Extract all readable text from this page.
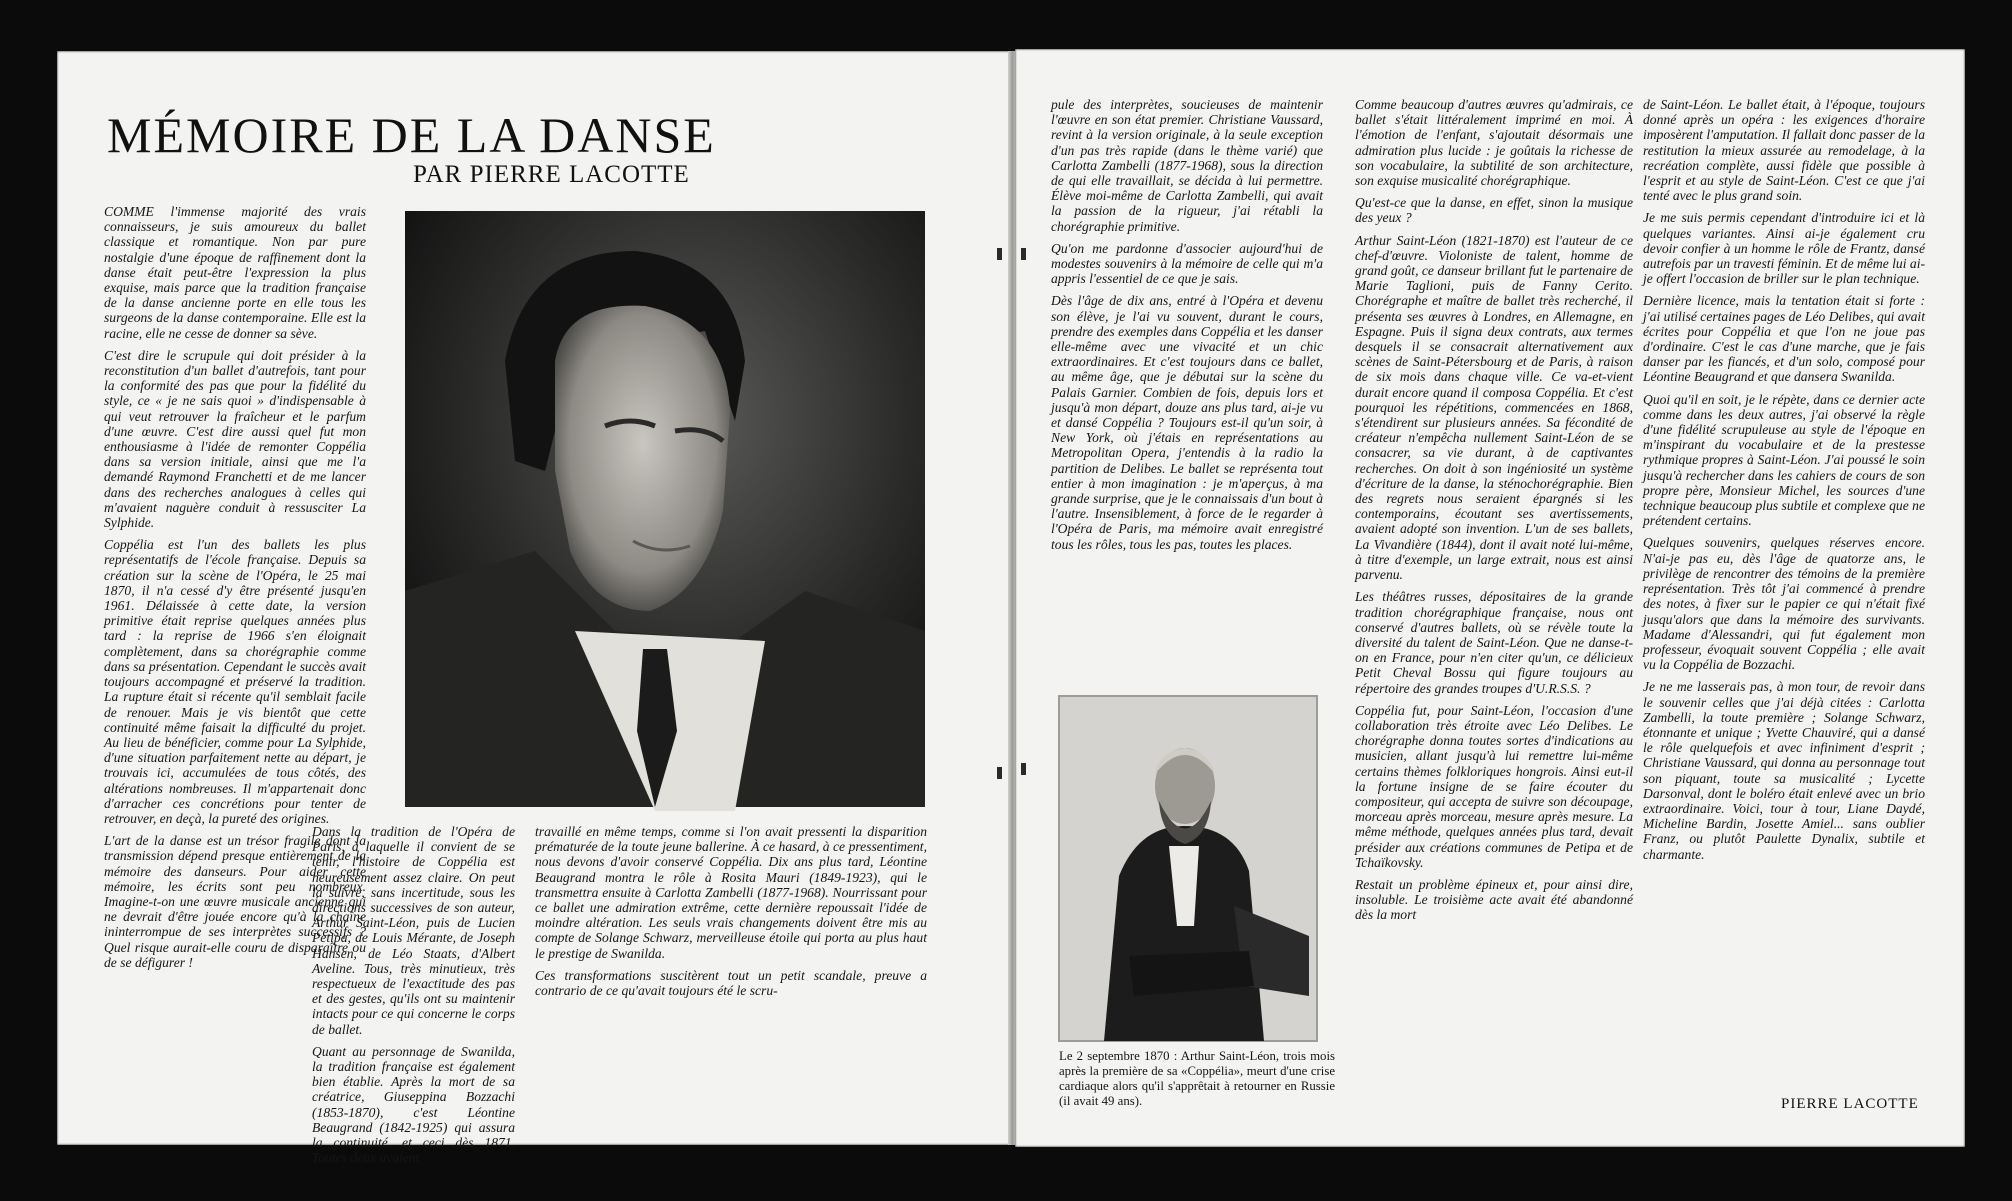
MÉMOIRE DE LA DANSE
PAR PIERRE LACOTTE

COMME l'immense majorité des vrais connaisseurs, je suis amoureux du ballet classique et romantique. Non par pure nostalgie d'une époque de raffinement dont la danse était peut-être l'expression la plus exquise, mais parce que la tradition française de la danse ancienne porte en elle tous les surgeons de la danse contemporaine. Elle est la racine, elle ne cesse de donner sa sève.

C'est dire le scrupule qui doit présider à la reconstitution d'un ballet d'autrefois, tant pour la conformité des pas que pour la fidélité du style, ce « je ne sais quoi » d'indispensable à qui veut retrouver la fraîcheur et le parfum d'une œuvre. C'est dire aussi quel fut mon enthousiasme à l'idée de remonter Coppélia dans sa version initiale, ainsi que me l'a demandé Raymond Franchetti et de me lancer dans des recherches analogues à celles qui m'avaient naguère conduit à ressusciter La Sylphide.

Coppélia est l'un des ballets les plus représentatifs de l'école française. Depuis sa création sur la scène de l'Opéra, le 25 mai 1870, il n'a cessé d'y être présenté jusqu'en 1961. Délaissée à cette date, la version primitive était reprise quelques années plus tard : la reprise de 1966 s'en éloignait complètement, dans sa chorégraphie comme dans sa présentation. Cependant le succès avait toujours accompagné et préservé la tradition. La rupture était si récente qu'il semblait facile de renouer. Mais je vis bientôt que cette continuité même faisait la difficulté du projet. Au lieu de bénéficier, comme pour La Sylphide, d'une situation parfaitement nette au départ, je trouvais ici, accumulées de tous côtés, des altérations nombreuses. Il m'appartenait donc d'arracher ces concrétions pour tenter de retrouver, en deçà, la pureté des origines.

L'art de la danse est un trésor fragile dont la transmission dépend presque entièrement de la mémoire des danseurs. Pour aider cette mémoire, les écrits sont peu nombreux. Imagine-t-on une œuvre musicale ancienne qui ne devrait d'être jouée encore qu'à la chaîne ininterrompue de ses interprètes successifs ? Quel risque aurait-elle couru de disparaître ou de se défigurer !

Dans la tradition de l'Opéra de Paris, à laquelle il convient de se tenir, l'histoire de Coppélia est heureusement assez claire. On peut la suivre, sans incertitude, sous les directions successives de son auteur, Arthur Saint-Léon, puis de Lucien Petipa, de Louis Mérante, de Joseph Hansen, de Léo Staats, d'Albert Aveline. Tous, très minutieux, très respectueux de l'exactitude des pas et des gestes, qu'ils ont su maintenir intacts pour ce qui concerne le corps de ballet.

Quant au personnage de Swanilda, la tradition française est également bien établie. Après la mort de sa créatrice, Giuseppina Bozzachi (1853-1870), c'est Léontine Beaugrand (1842-1925) qui assura la continuité, et ceci dès 1871. Toutes deux avaient

travaillé en même temps, comme si l'on avait pressenti la disparition prématurée de la toute jeune ballerine. À ce hasard, à ce pressentiment, nous devons d'avoir conservé Coppélia. Dix ans plus tard, Léontine Beaugrand montra le rôle à Rosita Mauri (1849-1923), qui le transmettra ensuite à Carlotta Zambelli (1877-1968). Nourrissant pour ce ballet une admiration extrême, cette dernière repoussait l'idée de moindre altération. Les seuls vrais changements doivent être mis au compte de Solange Schwarz, merveilleuse étoile qui porta au plus haut le prestige de Swanilda.

Ces transformations suscitèrent tout un petit scandale, preuve a contrario de ce qu'avait toujours été le scru-

pule des interprètes, soucieuses de maintenir l'œuvre en son état premier. Christiane Vaussard, revint à la version originale, à la seule exception d'un pas très rapide (dans le thème varié) que Carlotta Zambelli (1877-1968), sous la direction de qui elle travaillait, se décida à lui permettre. Élève moi-même de Carlotta Zambelli, qui avait la passion de la rigueur, j'ai rétabli la chorégraphie primitive.

Qu'on me pardonne d'associer aujourd'hui de modestes souvenirs à la mémoire de celle qui m'a appris l'essentiel de ce que je sais.

Dès l'âge de dix ans, entré à l'Opéra et devenu son élève, je l'ai vu souvent, durant le cours, prendre des exemples dans Coppélia et les danser elle-même avec une vivacité et un chic extraordinaires. Et c'est toujours dans ce ballet, au même âge, que je débutai sur la scène du Palais Garnier. Combien de fois, depuis lors et jusqu'à mon départ, douze ans plus tard, ai-je vu et dansé Coppélia ? Toujours est-il qu'un soir, à New York, où j'étais en représentations au Metropolitan Opera, j'entendis à la radio la partition de Delibes. Le ballet se représenta tout entier à mon imagination : je m'aperçus, à ma grande surprise, que je le connaissais d'un bout à l'autre. Insensiblement, à force de le regarder à l'Opéra de Paris, ma mémoire avait enregistré tous les rôles, tous les pas, toutes les places.

Le 2 septembre 1870 : Arthur Saint-Léon, trois mois après la première de sa «Coppélia», meurt d'une crise cardiaque alors qu'il s'apprêtait à retourner en Russie (il avait 49 ans).

Comme beaucoup d'autres œuvres qu'admirais, ce ballet s'était littéralement imprimé en moi. À l'émotion de l'enfant, s'ajoutait désormais une admiration plus lucide : je goûtais la richesse de son vocabulaire, la subtilité de son architecture, son exquise musicalité chorégraphique.

Qu'est-ce que la danse, en effet, sinon la musique des yeux ?

Arthur Saint-Léon (1821-1870) est l'auteur de ce chef-d'œuvre. Violoniste de talent, homme de grand goût, ce danseur brillant fut le partenaire de Marie Taglioni, puis de Fanny Cerito. Chorégraphe et maître de ballet très recherché, il présenta ses œuvres à Londres, en Allemagne, en Espagne. Puis il signa deux contrats, aux termes desquels il se consacrait alternativement aux scènes de Saint-Pétersbourg et de Paris, à raison de six mois dans chaque ville. Ce va-et-vient durait encore quand il composa Coppélia. Et c'est pourquoi les répétitions, commencées en 1868, s'étendirent sur plusieurs années. Sa fécondité de créateur n'empêcha nullement Saint-Léon de se consacrer, sa vie durant, à de captivantes recherches. On doit à son ingéniosité un système d'écriture de la danse, la sténochorégraphie. Bien des regrets nous seraient épargnés si les contemporains, écoutant ses avertissements, avaient adopté son invention. L'un de ses ballets, La Vivandière (1844), dont il avait noté lui-même, à titre d'exemple, un large extrait, nous est ainsi parvenu.

Les théâtres russes, dépositaires de la grande tradition chorégraphique française, nous ont conservé d'autres ballets, où se révèle toute la diversité du talent de Saint-Léon. Que ne danse-t-on en France, pour n'en citer qu'un, ce délicieux Petit Cheval Bossu qui figure toujours au répertoire des grandes troupes d'U.R.S.S. ?

Coppélia fut, pour Saint-Léon, l'occasion d'une collaboration très étroite avec Léo Delibes. Le chorégraphe donna toutes sortes d'indications au musicien, allant jusqu'à lui remettre lui-même certains thèmes folkloriques hongrois. Ainsi eut-il la fortune insigne de se faire écouter du compositeur, qui accepta de suivre son découpage, morceau après morceau, mesure après mesure. La même méthode, quelques années plus tard, devait présider aux créations communes de Petipa et de Tchaïkovsky.

Restait un problème épineux et, pour ainsi dire, insoluble. Le troisième acte avait été abandonné dès la mort

de Saint-Léon. Le ballet était, à l'époque, toujours donné après un opéra : les exigences d'horaire imposèrent l'amputation. Il fallait donc passer de la restitution la mieux assurée au remodelage, à la recréation complète, aussi fidèle que possible à l'esprit et au style de Saint-Léon. C'est ce que j'ai tenté avec le plus grand soin.

Je me suis permis cependant d'introduire ici et là quelques variantes. Ainsi ai-je également cru devoir confier à un homme le rôle de Frantz, dansé autrefois par un travesti féminin. Et de même lui ai-je offert l'occasion de briller sur le plan technique.

Dernière licence, mais la tentation était si forte : j'ai utilisé certaines pages de Léo Delibes, qui avait écrites pour Coppélia et que l'on ne joue pas d'ordinaire. C'est le cas d'une marche, que je fais danser par les fiancés, et d'un solo, composé pour Léontine Beaugrand et que dansera Swanilda.

Quoi qu'il en soit, je le répète, dans ce dernier acte comme dans les deux autres, j'ai observé la règle d'une fidélité scrupuleuse au style de l'époque en m'inspirant du vocabulaire et de la prestesse rythmique propres à Saint-Léon. J'ai poussé le soin jusqu'à rechercher dans les cahiers de cours de son propre père, Monsieur Michel, les sources d'une technique beaucoup plus subtile et complexe que ne prétendent certains.

Quelques souvenirs, quelques réserves encore. N'ai-je pas eu, dès l'âge de quatorze ans, le privilège de rencontrer des témoins de la première représentation. Très tôt j'ai commencé à prendre des notes, à fixer sur le papier ce qui n'était fixé jusqu'alors que dans la mémoire des survivants. Madame d'Alessandri, qui fut également mon professeur, évoquait souvent Coppélia ; elle avait vu la Coppélia de Bozzachi.

Je ne me lasserais pas, à mon tour, de revoir dans le souvenir celles que j'ai déjà citées : Carlotta Zambelli, la toute première ; Solange Schwarz, étonnante et unique ; Yvette Chauviré, qui a dansé le rôle quelquefois et avec infiniment d'esprit ; Christiane Vaussard, qui donna au personnage tout son piquant, toute sa musicalité ; Lycette Darsonval, dont le boléro était enlevé avec un brio extraordinaire. Voici, tour à tour, Liane Daydé, Micheline Bardin, Josette Amiel... sans oublier Franz, ou plutôt Paulette Dynalix, subtile et charmante.

PIERRE LACOTTE
